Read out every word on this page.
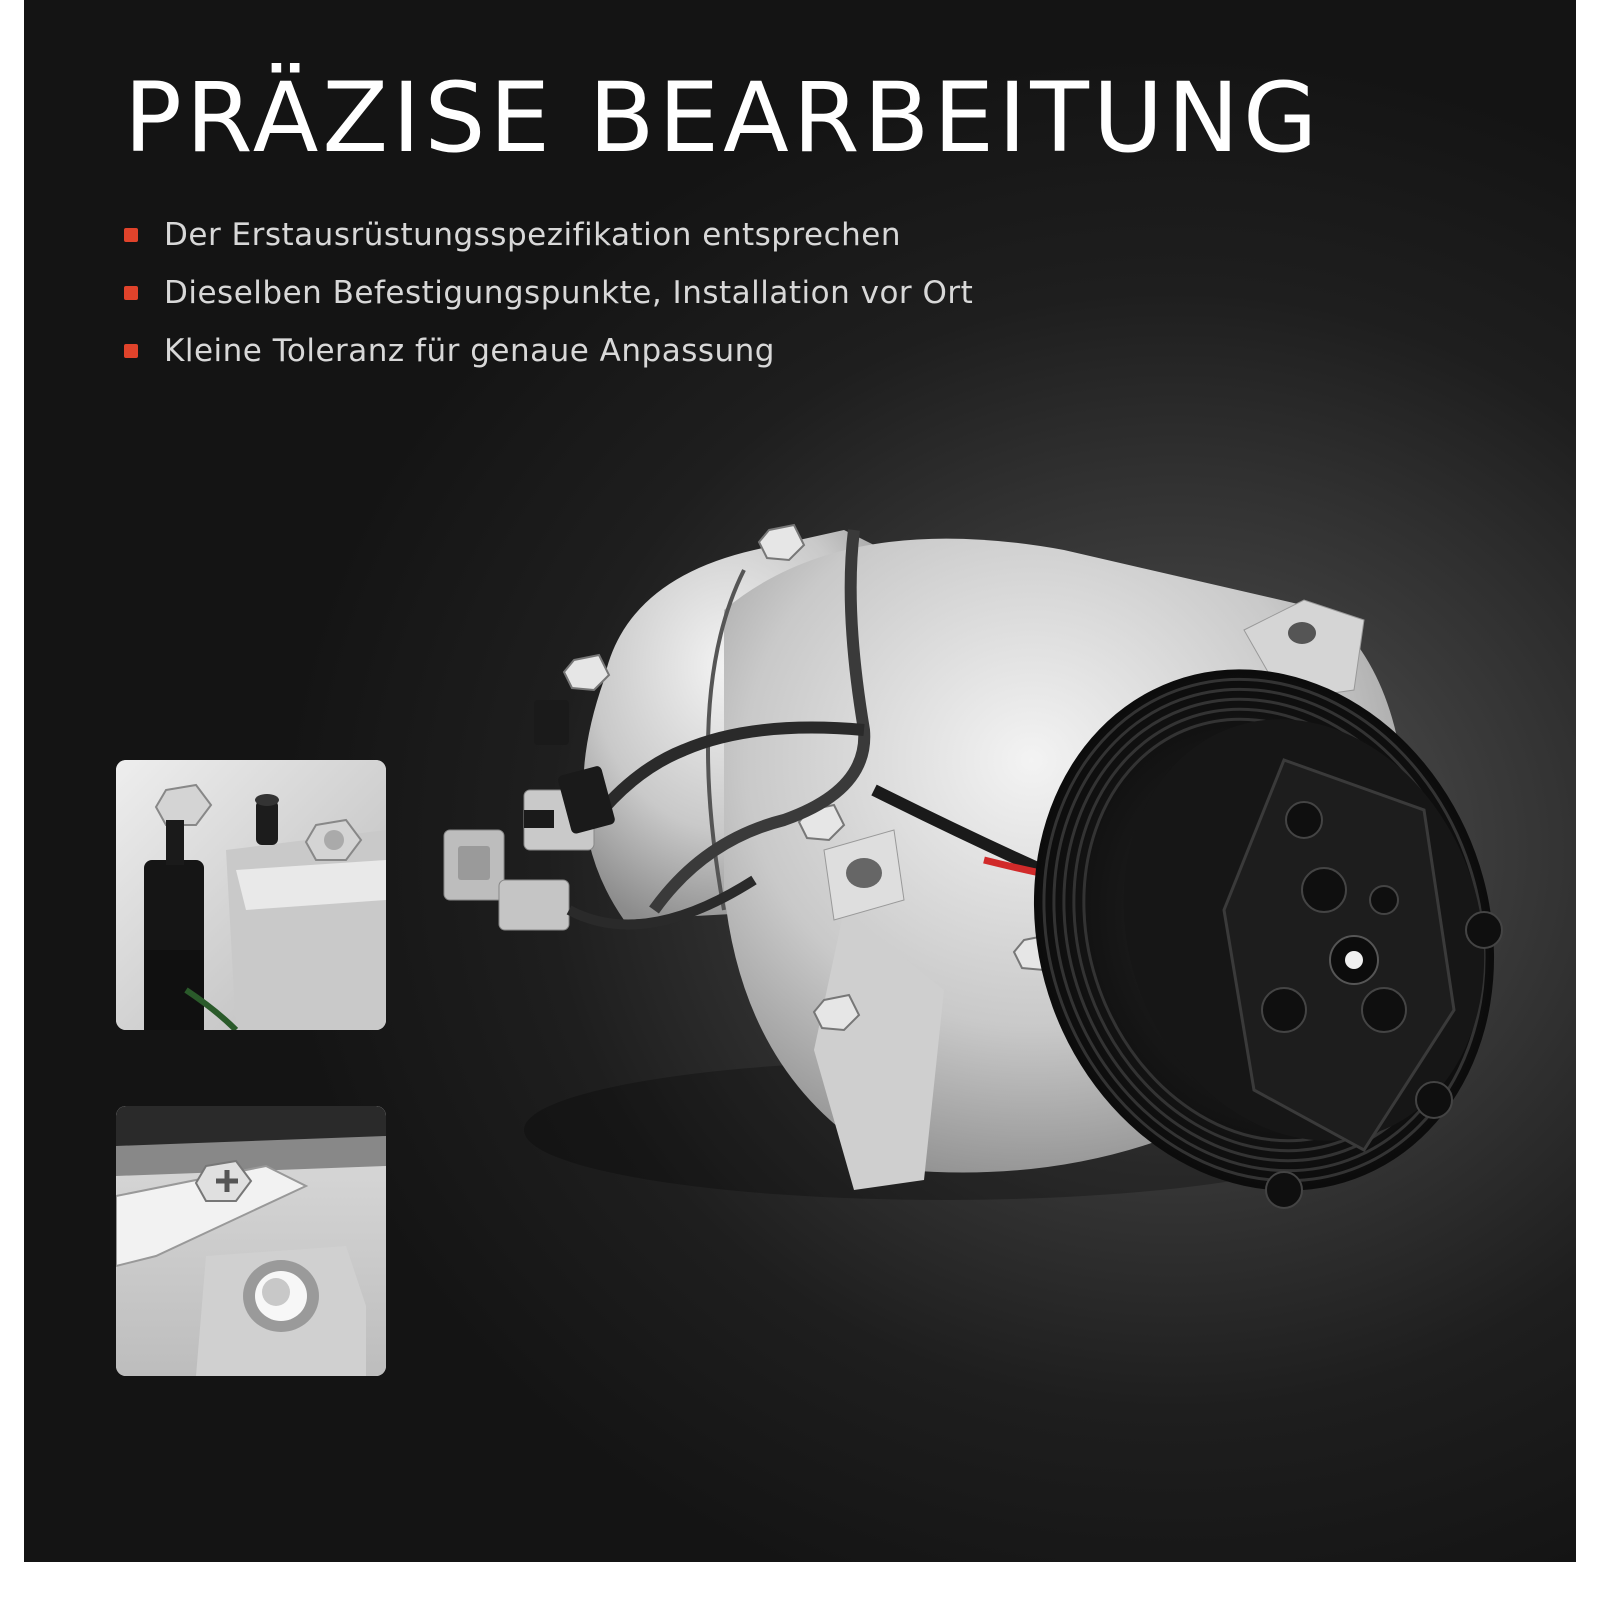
PRÄZISE BEARBEITUNG
Der Erstausrüstungsspezifikation entsprechen
Dieselben Befestigungspunkte, Installation vor Ort
Kleine Toleranz für genaue Anpassung
